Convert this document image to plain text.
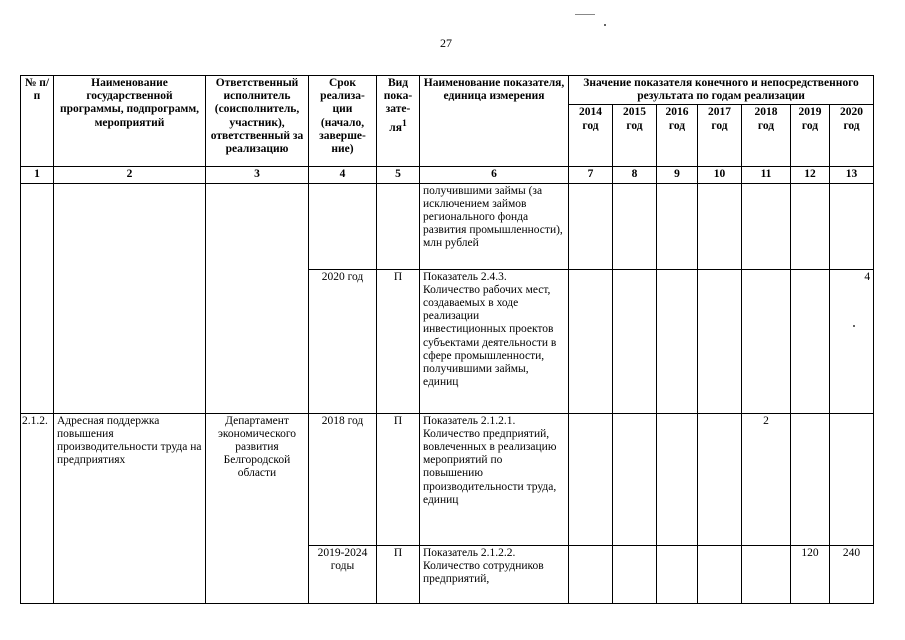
27
№ п/п	Наименование государственной программы, подпрограмм, мероприятий	Ответственный исполнитель (соисполнитель, участник), ответственный за реализацию	Срок реализа-ции (начало, заверше-ние)	Вид пока-$зате-ля^1$	Наименование показателя, единица измерения	Значение показателя конечного и непосредственного результата по годам реализации						
						2014 год	2015 год	2016 год	2017 год	2018 год	2019 год	2020 год
1	2	3	4	5	6	7	8	9	10	11	12	13
					получившими займы (за исключением займов регионального фонда развития промышленности), млн рублей							
			2020 год	П	Показатель 2.4.3. Количество рабочих мест, создаваемых в ходе реализации инвестиционных проектов субъектами деятельности в сфере промышленности, получившими займы, единиц							4
2.1.2.	Адресная поддержка повышения производительности труда на предприятиях	Департамент экономического развития Белгородской области	2018 год	П	Показатель 2.1.2.1. Количество предприятий, вовлеченных в реализацию мероприятий по повышению производительности труда, единиц					2		
			2019-2024 годы	П	Показатель 2.1.2.2. Количество сотрудников предприятий,						120	240
